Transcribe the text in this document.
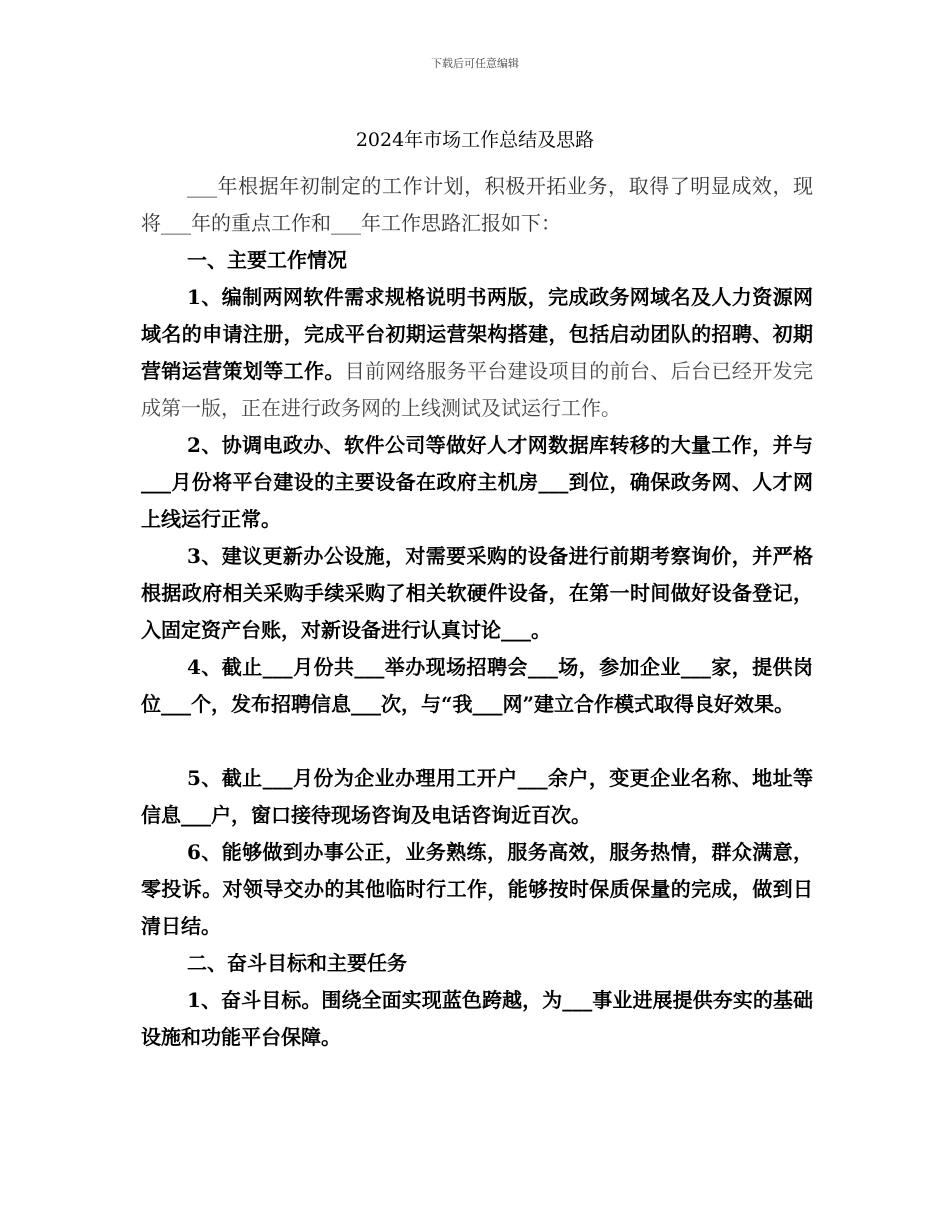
下载后可任意编辑
2024年市场工作总结及思路

___年根据年初制定的工作计划，积极开拓业务，取得了明显成效，现将___年的重点工作和___年工作思路汇报如下：

一、主要工作情况

1、编制两网软件需求规格说明书两版，完成政务网域名及人力资源网域名的申请注册，完成平台初期运营架构搭建，包括启动团队的招聘、初期营销运营策划等工作。目前网络服务平台建设项目的前台、后台已经开发完成第一版，正在进行政务网的上线测试及试运行工作。

2、协调电政办、软件公司等做好人才网数据库转移的大量工作，并与___月份将平台建设的主要设备在政府主机房___到位，确保政务网、人才网上线运行正常。

3、建议更新办公设施，对需要采购的设备进行前期考察询价，并严格根据政府相关采购手续采购了相关软硬件设备，在第一时间做好设备登记，入固定资产台账，对新设备进行认真讨论___。

4、截止___月份共___举办现场招聘会___场，参加企业___家，提供岗位___个，发布招聘信息___次，与“我___网”建立合作模式取得良好效果。

5、截止___月份为企业办理用工开户___余户，变更企业名称、地址等信息___户，窗口接待现场咨询及电话咨询近百次。

6、能够做到办事公正，业务熟练，服务高效，服务热情，群众满意，零投诉。对领导交办的其他临时行工作，能够按时保质保量的完成，做到日清日结。

二、奋斗目标和主要任务

1、奋斗目标。围绕全面实现蓝色跨越，为___事业进展提供夯实的基础设施和功能平台保障。
